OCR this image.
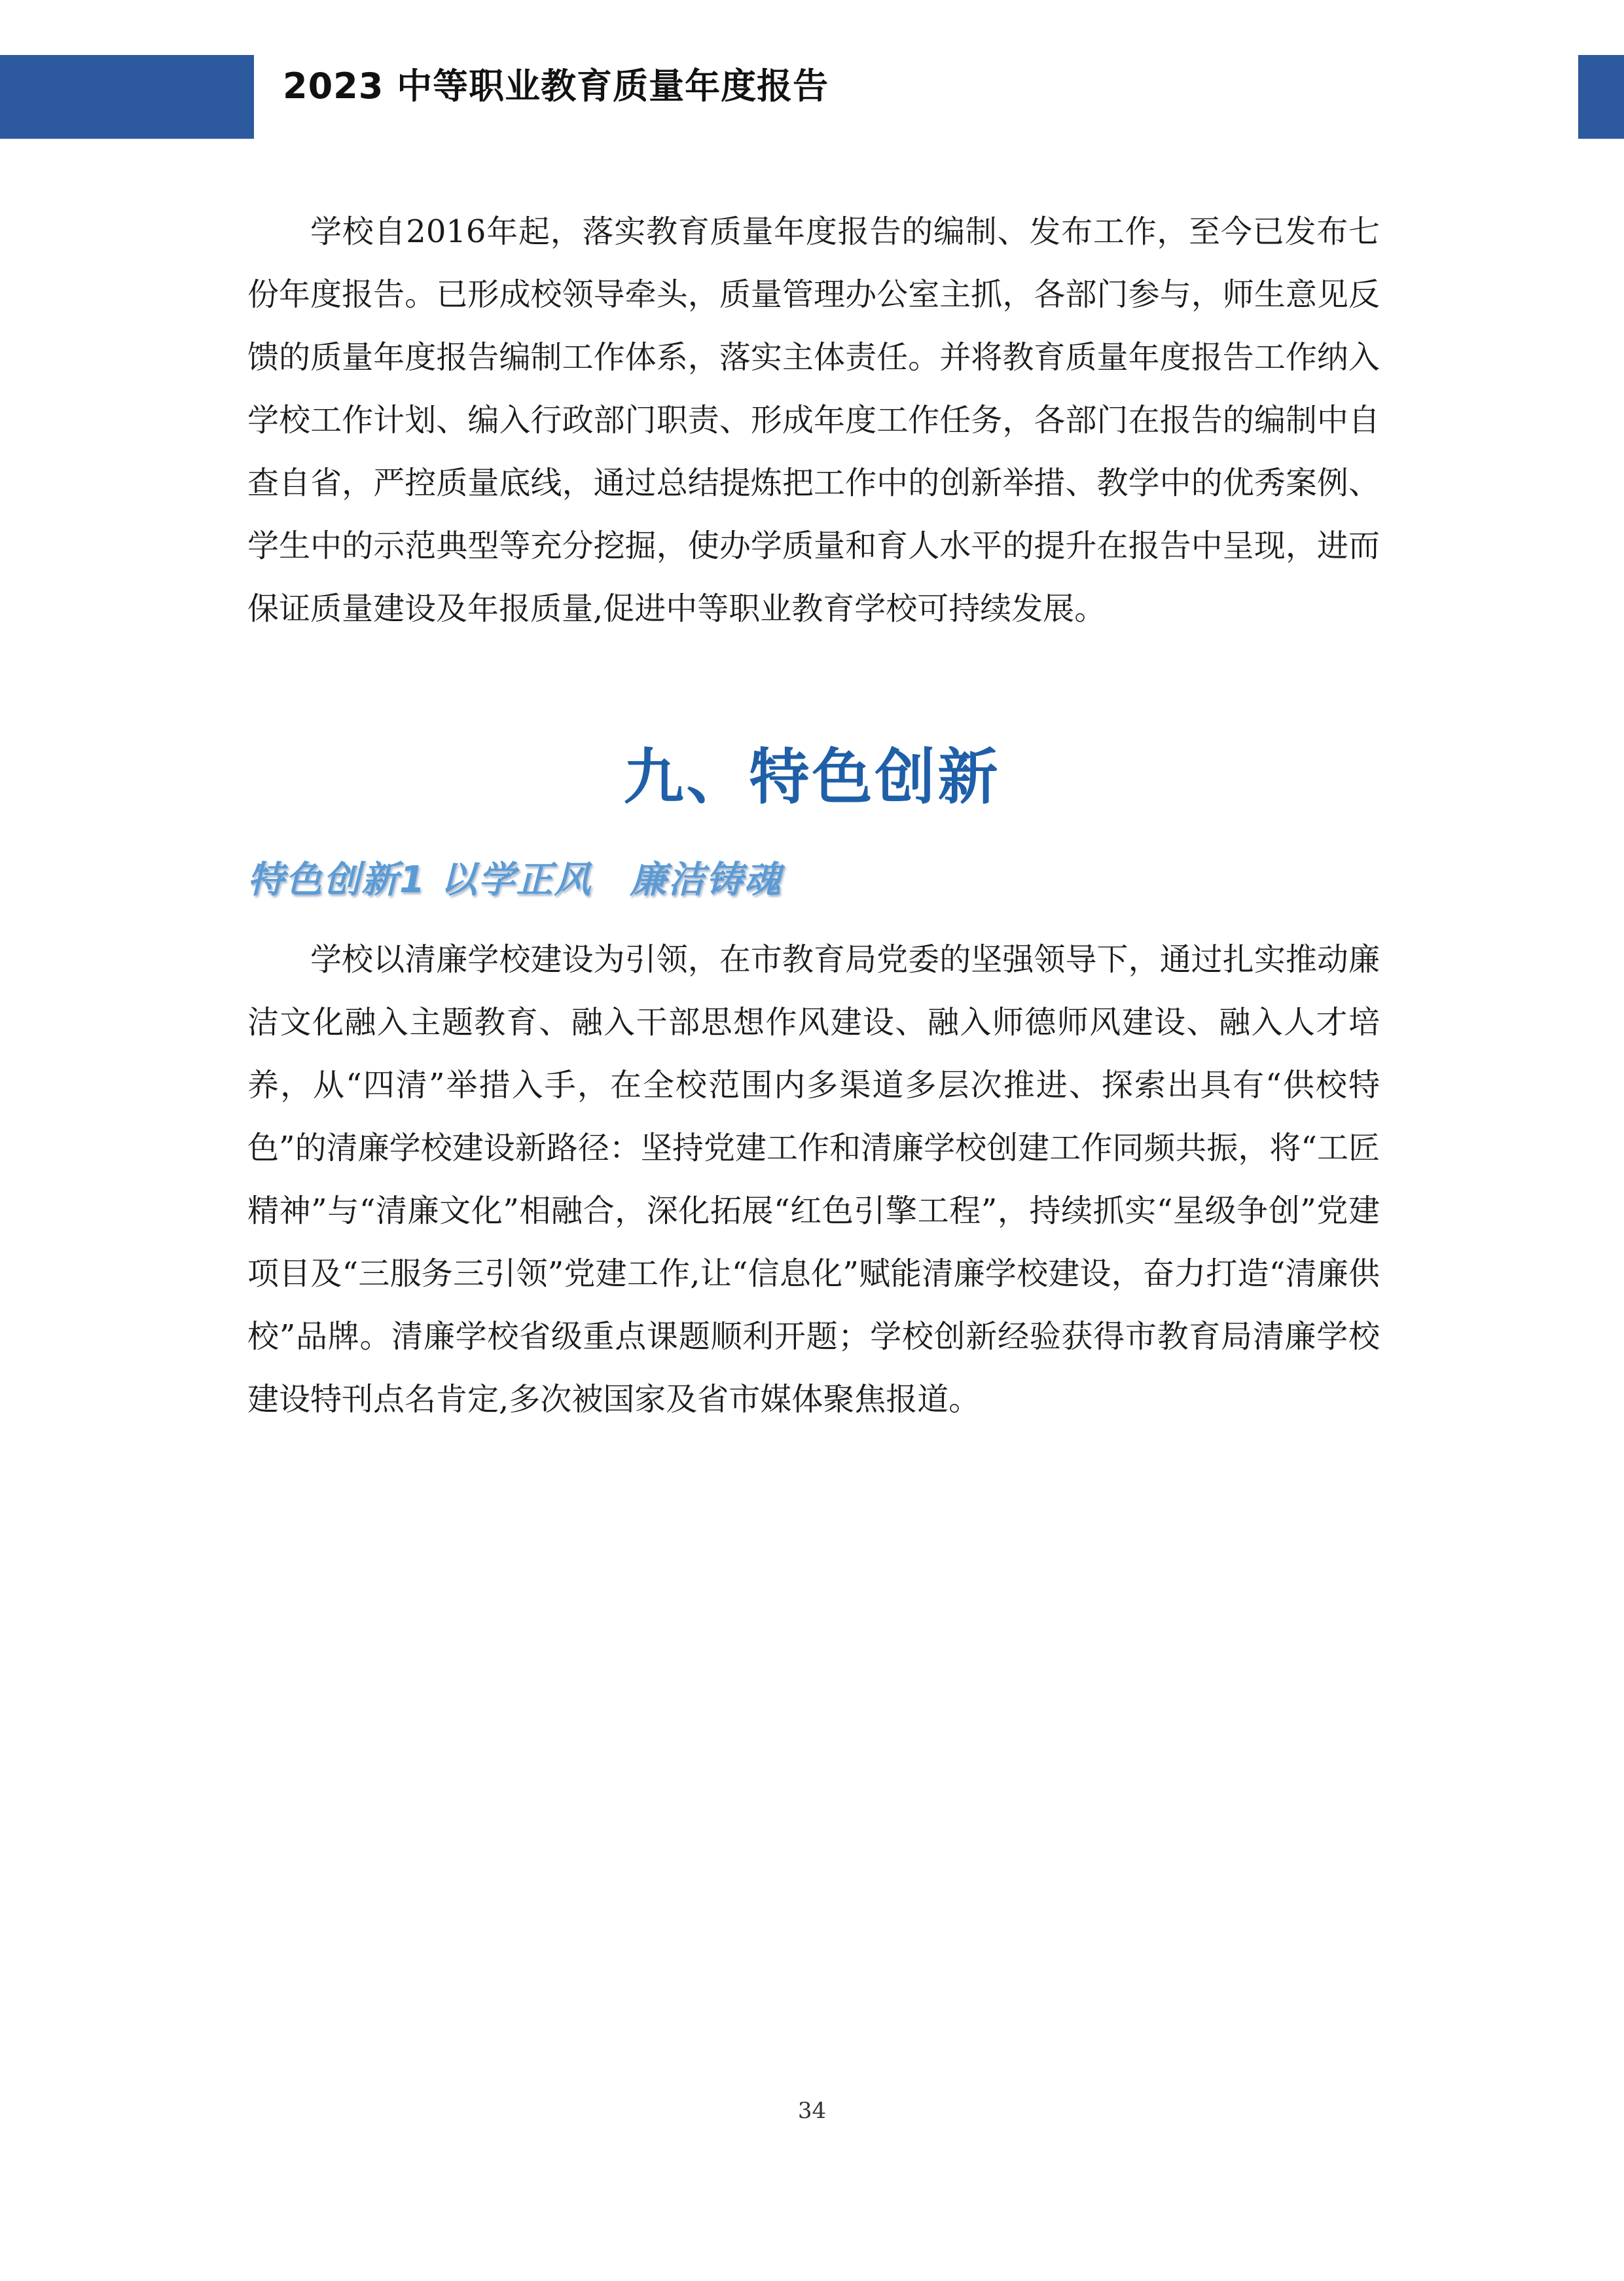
2023 中等职业教育质量年度报告

学校自2016年起，落实教育质量年度报告的编制、发布工作，至今已发布七份年度报告。已形成校领导牵头，质量管理办公室主抓，各部门参与，师生意见反馈的质量年度报告编制工作体系，落实主体责任。并将教育质量年度报告工作纳入学校工作计划、编入行政部门职责、形成年度工作任务，各部门在报告的编制中自查自省，严控质量底线，通过总结提炼把工作中的创新举措、教学中的优秀案例、学生中的示范典型等充分挖掘，使办学质量和育人水平的提升在报告中呈现，进而保证质量建设及年报质量,促进中等职业教育学校可持续发展。

九、特色创新
特色创新1 以学正风　廉洁铸魂

学校以清廉学校建设为引领，在市教育局党委的坚强领导下，通过扎实推动廉洁文化融入主题教育、融入干部思想作风建设、融入师德师风建设、融入人才培养，从“四清”举措入手，在全校范围内多渠道多层次推进、探索出具有“供校特色”的清廉学校建设新路径：坚持党建工作和清廉学校创建工作同频共振，将“工匠精神”与“清廉文化”相融合，深化拓展“红色引擎工程”，持续抓实“星级争创”党建项目及“三服务三引领”党建工作,让“信息化”赋能清廉学校建设，奋力打造“清廉供校”品牌。清廉学校省级重点课题顺利开题；学校创新经验获得市教育局清廉学校建设特刊点名肯定,多次被国家及省市媒体聚焦报道。

34
